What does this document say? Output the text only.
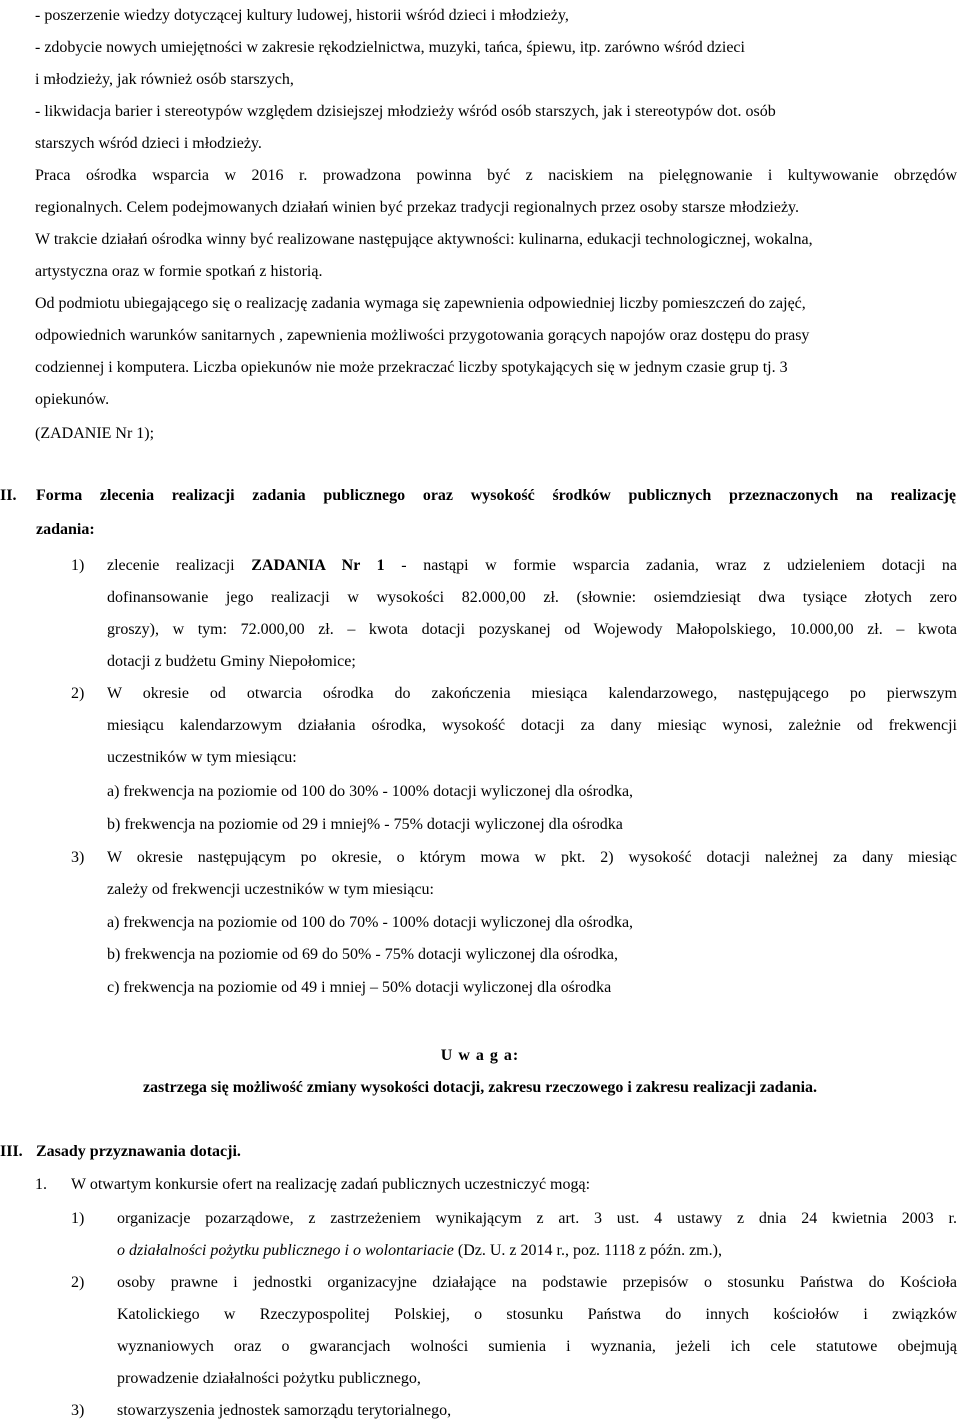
- poszerzenie wiedzy dotyczącej kultury ludowej, historii wśród dzieci i młodzieży,
- zdobycie nowych umiejętności w zakresie rękodzielnictwa, muzyki, tańca, śpiewu, itp. zarówno wśród dzieci
i młodzieży, jak również osób starszych,
- likwidacja barier i stereotypów względem dzisiejszej młodzieży wśród osób starszych, jak i stereotypów dot. osób
starszych wśród dzieci i młodzieży.
Praca ośrodka wsparcia w 2016 r. prowadzona powinna być z naciskiem na pielęgnowanie i kultywowanie obrzędów
regionalnych. Celem podejmowanych działań winien być przekaz tradycji regionalnych przez osoby starsze młodzieży.
W trakcie działań ośrodka winny być realizowane następujące aktywności: kulinarna, edukacji technologicznej, wokalna,
artystyczna oraz w formie spotkań z historią.
Od podmiotu ubiegającego się o realizację zadania wymaga się zapewnienia odpowiedniej liczby pomieszczeń do zajęć,
odpowiednich warunków sanitarnych , zapewnienia możliwości przygotowania gorących napojów oraz dostępu do prasy
codziennej i komputera. Liczba opiekunów nie może przekraczać liczby spotykających się w jednym czasie grup tj. 3
opiekunów.
(ZADANIE Nr 1);
II. Forma zlecenia realizacji zadania publicznego oraz wysokość środków publicznych przeznaczonych na realizację
zadania:
1) zlecenie realizacji ZADANIA Nr 1 - nastąpi w formie wsparcia zadania, wraz z udzieleniem dotacji na
dofinansowanie jego realizacji w wysokości 82.000,00 zł. (słownie: osiemdziesiąt dwa tysiące złotych zero
groszy), w tym: 72.000,00 zł. – kwota dotacji pozyskanej od Wojewody Małopolskiego, 10.000,00 zł. – kwota
dotacji z budżetu Gminy Niepołomice;
2) W okresie od otwarcia ośrodka do zakończenia miesiąca kalendarzowego, następującego po pierwszym
miesiącu kalendarzowym działania ośrodka, wysokość dotacji za dany miesiąc wynosi, zależnie od frekwencji
uczestników w tym miesiącu:
a) frekwencja na poziomie od 100 do 30% - 100% dotacji wyliczonej dla ośrodka,
b) frekwencja na poziomie od 29 i mniej% - 75% dotacji wyliczonej dla ośrodka
3) W okresie następującym po okresie, o którym mowa w pkt. 2) wysokość dotacji należnej za dany miesiąc
zależy od frekwencji uczestników w tym miesiącu:
a) frekwencja na poziomie od 100 do 70% - 100% dotacji wyliczonej dla ośrodka,
b) frekwencja na poziomie od 69 do 50% - 75% dotacji wyliczonej dla ośrodka,
c) frekwencja na poziomie od 49 i mniej – 50% dotacji wyliczonej dla ośrodka
U w a g a:
zastrzega się możliwość zmiany wysokości dotacji, zakresu rzeczowego i zakresu realizacji zadania.
III. Zasady przyznawania dotacji.
1. W otwartym konkursie ofert na realizację zadań publicznych uczestniczyć mogą:
1) organizacje pozarządowe, z zastrzeżeniem wynikającym z art. 3 ust. 4 ustawy z dnia 24 kwietnia 2003 r.
o działalności pożytku publicznego i o wolontariacie (Dz. U. z 2014 r., poz. 1118 z późn. zm.),
2) osoby prawne i jednostki organizacyjne działające na podstawie przepisów o stosunku Państwa do Kościoła
Katolickiego w Rzeczypospolitej Polskiej, o stosunku Państwa do innych kościołów i związków
wyznaniowych oraz o gwarancjach wolności sumienia i wyznania, jeżeli ich cele statutowe obejmują
prowadzenie działalności pożytku publicznego,
3) stowarzyszenia jednostek samorządu terytorialnego,
